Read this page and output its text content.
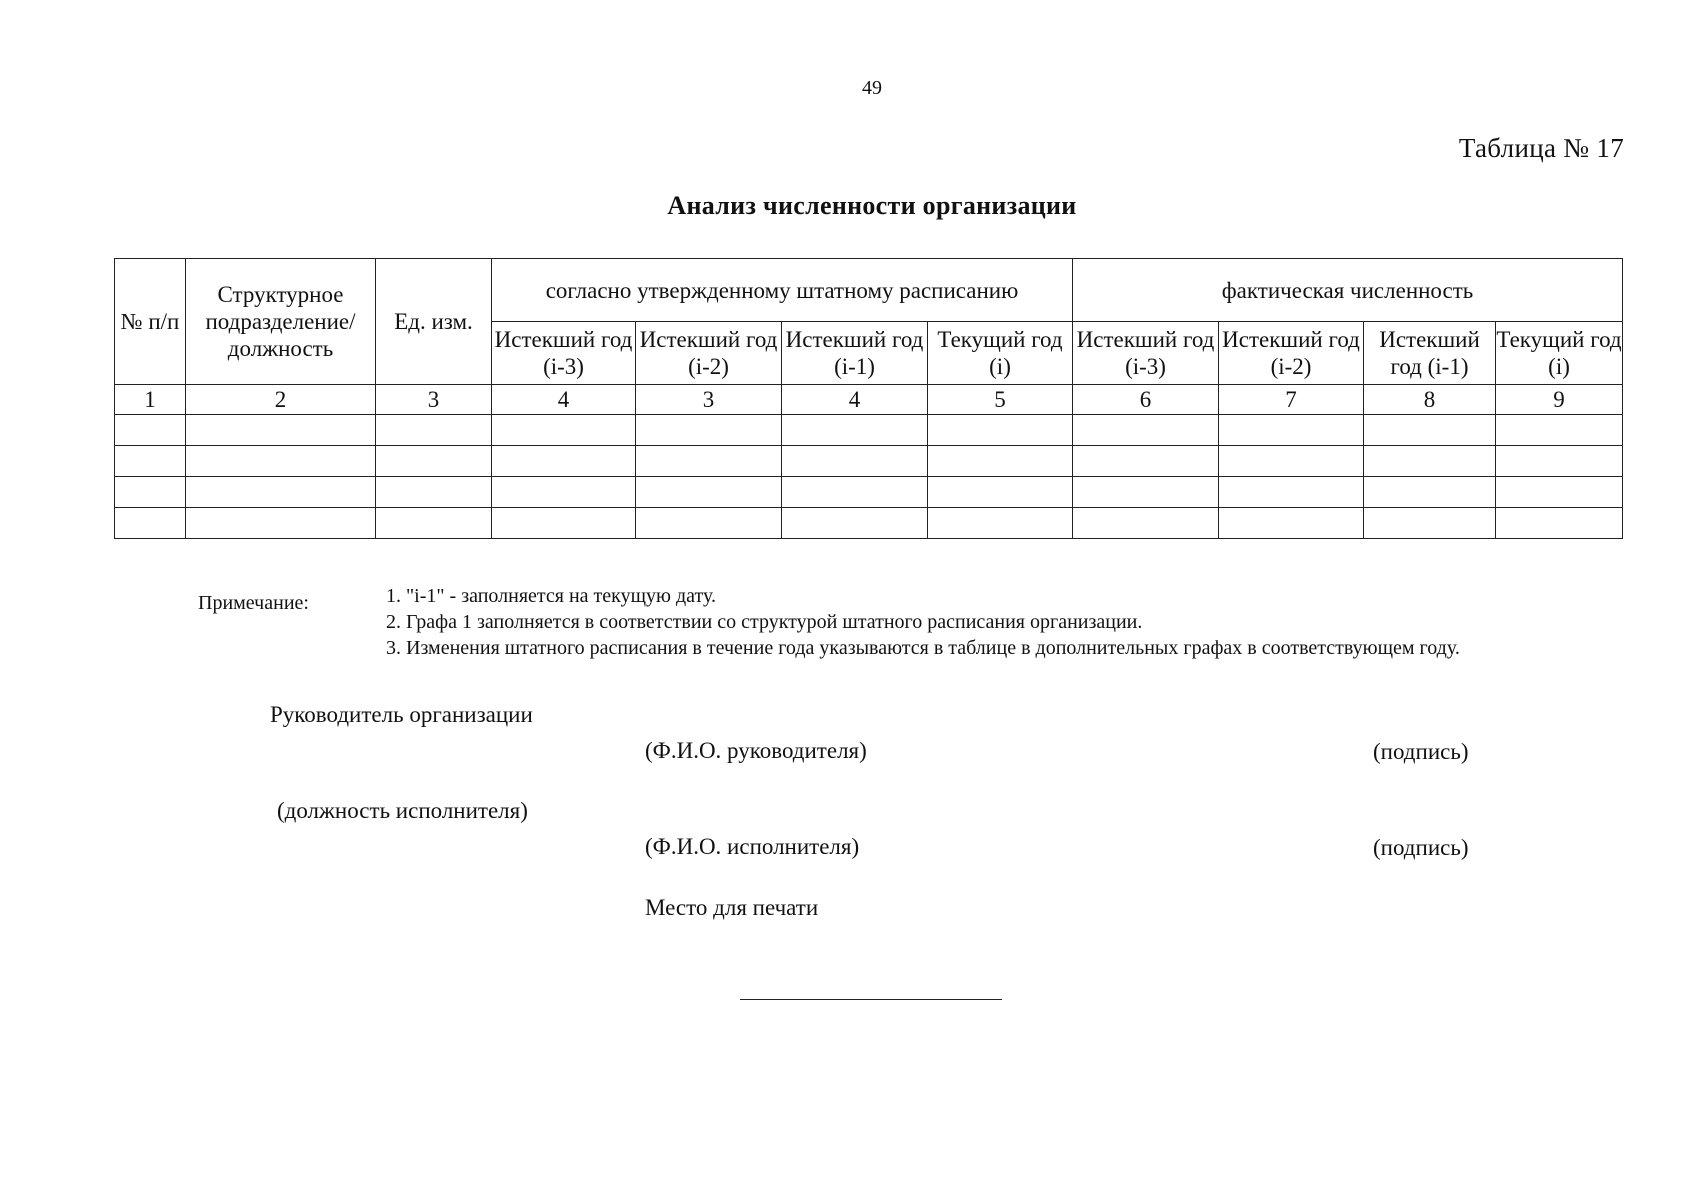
49
Таблица № 17
Анализ численности организации
№ п/п	Структурное подразделение/ должность	Ед. изм.	согласно утвержденному штатному расписанию				фактическая численность			
			Истекший год (i-3)	Истекший год (i-2)	Истекший год (i-1)	Текущий год (i)	Истекший год (i-3)	Истекший год (i-2)	Истекший год (i-1)	Текущий год (i)
1	2	3	4	3	4	5	6	7	8	9

Примечание:	1. "i-1" - заполняется на текущую дату.
2. Графа 1 заполняется в соответствии со структурой штатного расписания организации.
3. Изменения штатного расписания в течение года указываются в таблице в дополнительных графах в соответствующем году.
Руководитель организации
(Ф.И.О. руководителя)	(подпись)
(должность исполнителя)
(Ф.И.О. исполнителя)	(подпись)
Место для печати
